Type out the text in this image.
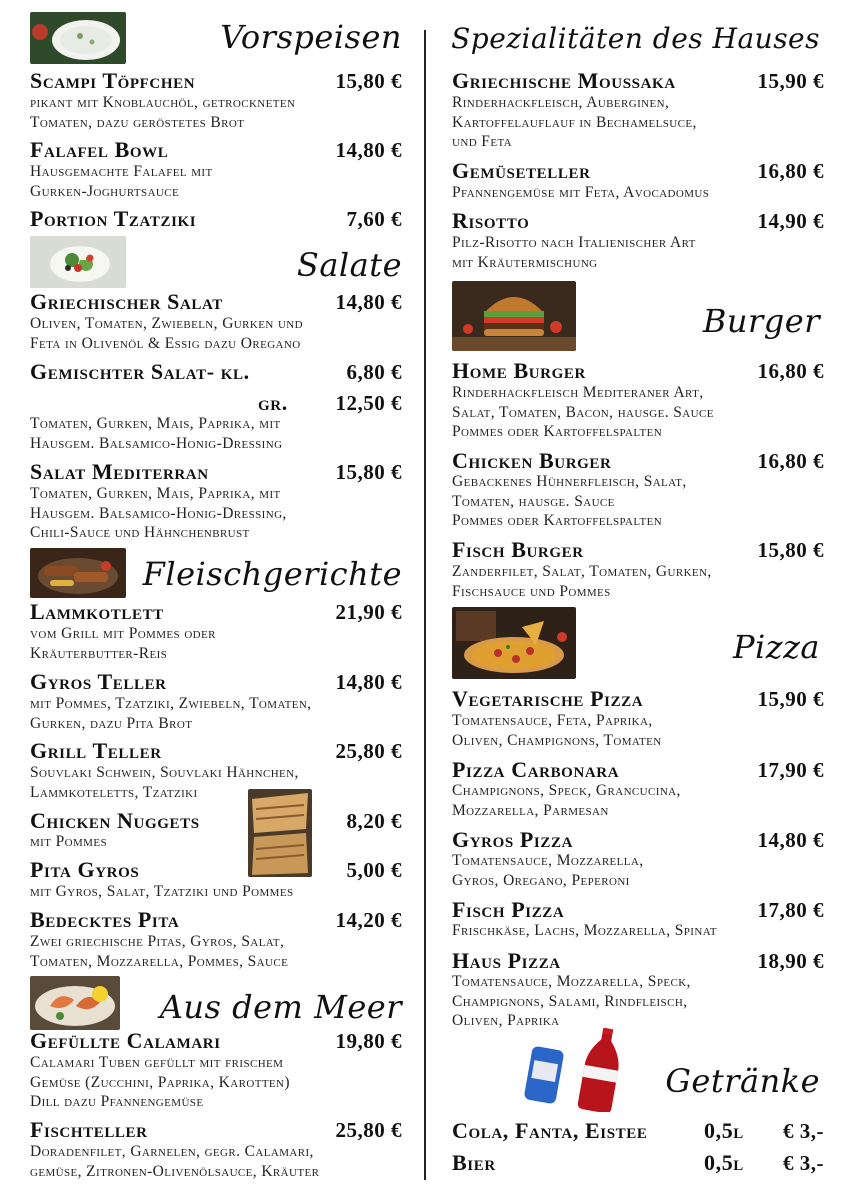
Vorspeisen
Scampi Töpfchen	15,80 €
pikant mit Knoblauchöl, getrockneten
Tomaten, dazu geröstetes Brot
Falafel Bowl	14,80 €
Hausgemachte Falafel mit
Gurken-Joghurtsauce
Portion Tzatziki	7,60 €
Salate
Griechischer Salat	14,80 €
Oliven, Tomaten, Zwiebeln, Gurken und
Feta in Olivenöl & Essig dazu Oregano
Gemischter Salat- kl.	6,80 €
gr. 12,50 €
Tomaten, Gurken, Mais, Paprika, mit
Hausgem. Balsamico-Honig-Dressing
Salat Mediterran	15,80 €
Tomaten, Gurken, Mais, Paprika, mit
Hausgem. Balsamico-Honig-Dressing,
Chili-Sauce und Hähnchenbrust
Fleischgerichte
Lammkotlett	21,90 €
vom Grill mit Pommes oder
Kräuterbutter-Reis
Gyros Teller	14,80 €
mit Pommes, Tzatziki, Zwiebeln, Tomaten,
Gurken, dazu Pita Brot
Grill Teller	25,80 €
Souvlaki Schwein, Souvlaki Hähnchen,
Lammkoteletts, Tzatziki
Chicken Nuggets	8,20 €
mit Pommes
Pita Gyros	5,00 €
mit Gyros, Salat, Tzatziki und Pommes
Bedecktes Pita	14,20 €
Zwei griechische Pitas, Gyros, Salat,
Tomaten, Mozzarella, Pommes, Sauce
Aus dem Meer
Gefüllte Calamari	19,80 €
Calamari Tuben gefüllt mit frischem
Gemüse (Zucchini, Paprika, Karotten)
Dill dazu Pfannengemüse
Fischteller	25,80 €
Doradenfilet, Garnelen, gegr. Calamari,
gemüse, Zitronen-Olivenölsauce, Kräuter
Spezialitäten des Hauses
Griechische Moussaka	15,90 €
Rinderhackfleisch, Auberginen,
Kartoffelauflauf in Bechamelsuce,
und Feta
Gemüseteller	16,80 €
Pfannengemüse mit Feta, Avocadomus
Risotto	14,90 €
Pilz-Risotto nach Italienischer Art
mit Kräutermischung
Burger
Home Burger	16,80 €
Rinderhackfleisch Mediteraner Art,
Salat, Tomaten, Bacon, hausge. Sauce
Pommes oder Kartoffelspalten
Chicken Burger	16,80 €
Gebackenes Hühnerfleisch, Salat,
Tomaten, hausge. Sauce
Pommes oder Kartoffelspalten
Fisch Burger	15,80 €
Zanderfilet, Salat, Tomaten, Gurken,
Fischsauce und Pommes
Pizza
Vegetarische Pizza	15,90 €
Tomatensauce, Feta, Paprika,
Oliven, Champignons, Tomaten
Pizza Carbonara	17,90 €
Champignons, Speck, Grancucina,
Mozzarella, Parmesan
Gyros Pizza	14,80 €
Tomatensauce, Mozzarella,
Gyros, Oregano, Peperoni
Fisch Pizza	17,80 €
Frischkäse, Lachs, Mozzarella, Spinat
Haus Pizza	18,90 €
Tomatensauce, Mozzarella, Speck,
Champignons, Salami, Rindfleisch,
Oliven, Paprika
Getränke
Cola, Fanta, Eistee	0,5l € 3,-
Bier	0,5l € 3,-
